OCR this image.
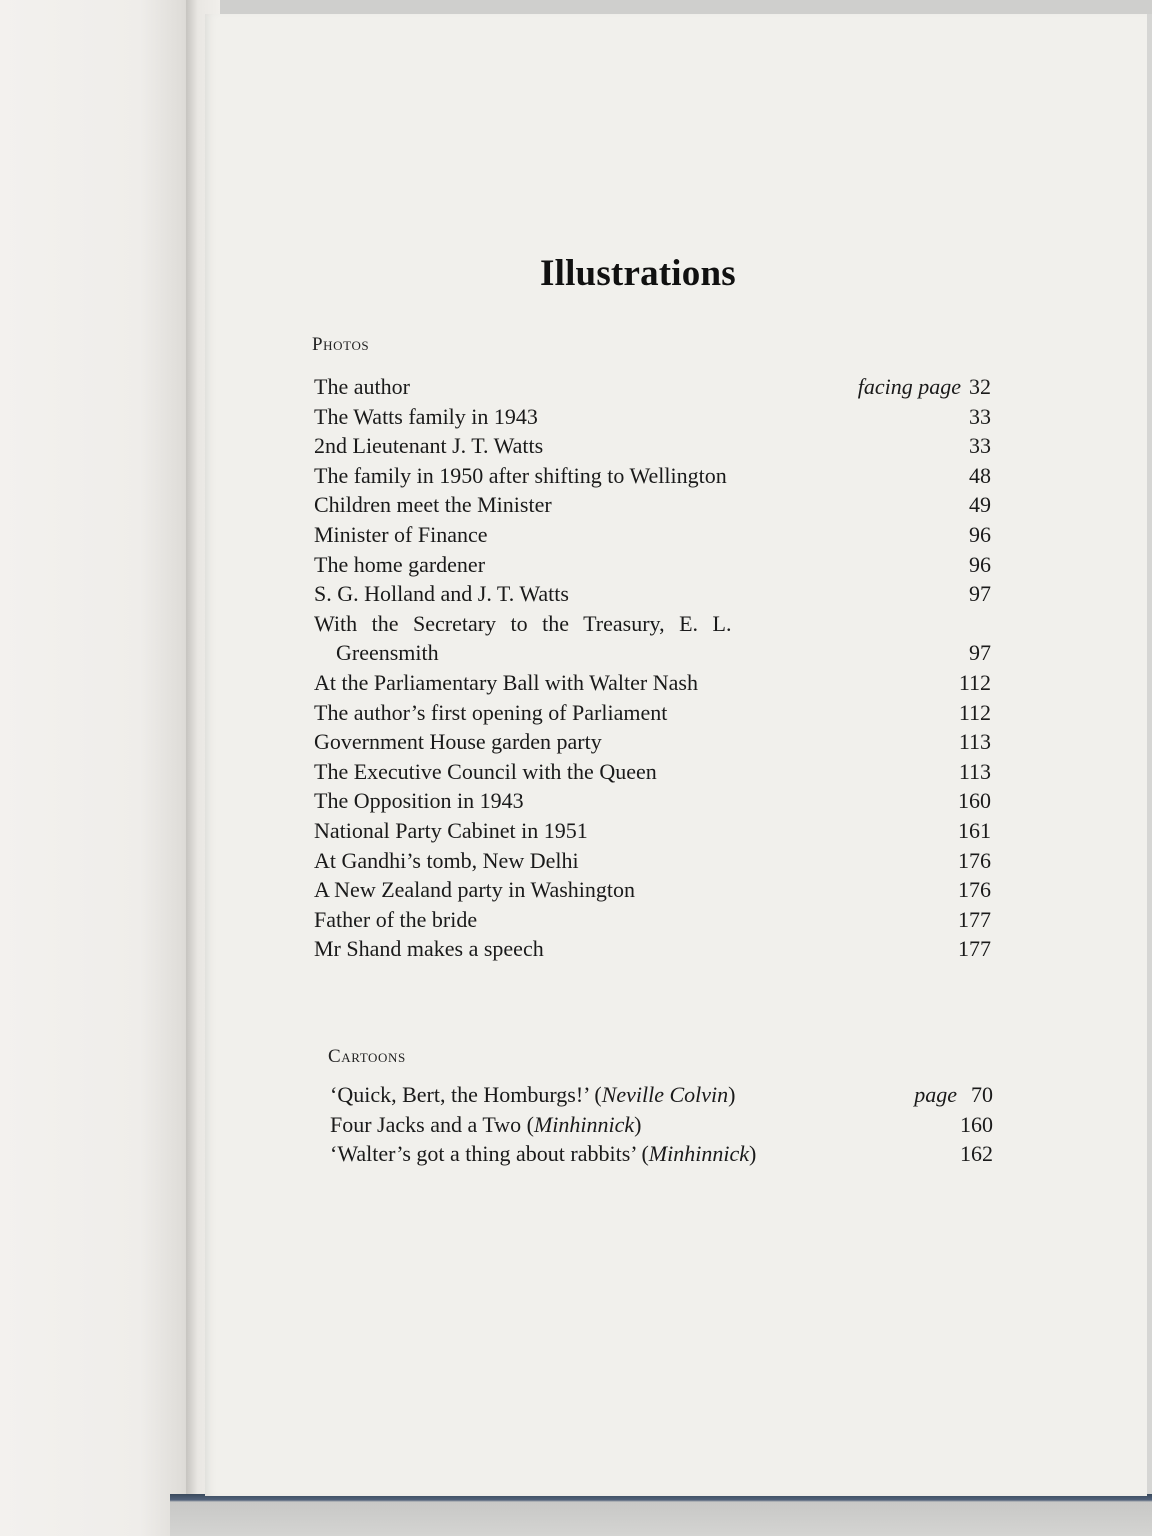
Illustrations
Photos
The author	facing page 32
The Watts family in 1943	33
2nd Lieutenant J. T. Watts	33
The family in 1950 after shifting to Wellington	48
Children meet the Minister	49
Minister of Finance	96
The home gardener	96
S. G. Holland and J. T. Watts	97
With the Secretary to the Treasury, E. L.
Greensmith	97
At the Parliamentary Ball with Walter Nash	112
The author’s first opening of Parliament	112
Government House garden party	113
The Executive Council with the Queen	113
The Opposition in 1943	160
National Party Cabinet in 1951	161
At Gandhi’s tomb, New Delhi	176
A New Zealand party in Washington	176
Father of the bride	177
Mr Shand makes a speech	177
Cartoons
‘Quick, Bert, the Homburgs!’ (Neville Colvin)	page 70
Four Jacks and a Two (Minhinnick)	160
‘Walter’s got a thing about rabbits’ (Minhinnick)	162
